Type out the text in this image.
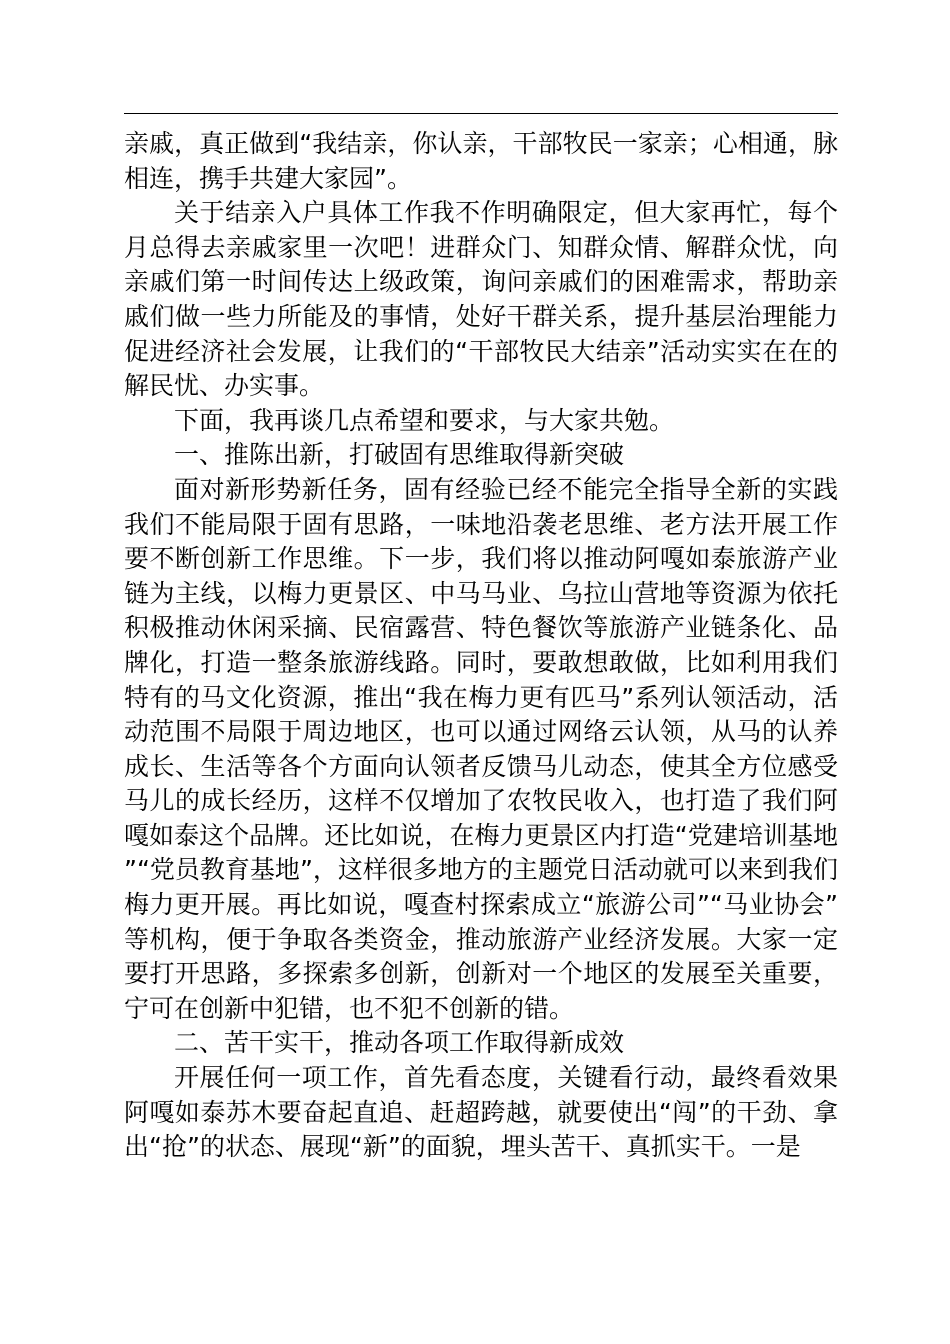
亲戚，真正做到“我结亲，你认亲，干部牧民一家亲；心相通，脉相连，携手共建大家园”。

关于结亲入户具体工作我不作明确限定，但大家再忙，每个月总得去亲戚家里一次吧！进群众门、知群众情、解群众忧，向亲戚们第一时间传达上级政策，询问亲戚们的困难需求，帮助亲戚们做一些力所能及的事情，处好干群关系，提升基层治理能力促进经济社会发展，让我们的“干部牧民大结亲”活动实实在在的解民忧、办实事。

下面，我再谈几点希望和要求，与大家共勉。

一、推陈出新，打破固有思维取得新突破

面对新形势新任务，固有经验已经不能完全指导全新的实践我们不能局限于固有思路，一味地沿袭老思维、老方法开展工作要不断创新工作思维。下一步，我们将以推动阿嘎如泰旅游产业链为主线，以梅力更景区、中马马业、乌拉山营地等资源为依托积极推动休闲采摘、民宿露营、特色餐饮等旅游产业链条化、品牌化，打造一整条旅游线路。同时，要敢想敢做，比如利用我们特有的马文化资源，推出“我在梅力更有匹马”系列认领活动，活动范围不局限于周边地区，也可以通过网络云认领，从马的认养成长、生活等各个方面向认领者反馈马儿动态，使其全方位感受马儿的成长经历，这样不仅增加了农牧民收入，也打造了我们阿嘎如泰这个品牌。还比如说，在梅力更景区内打造“党建培训基地”“党员教育基地”，这样很多地方的主题党日活动就可以来到我们梅力更开展。再比如说，嘎查村探索成立“旅游公司”“马业协会”等机构，便于争取各类资金，推动旅游产业经济发展。大家一定要打开思路，多探索多创新，创新对一个地区的发展至关重要，宁可在创新中犯错，也不犯不创新的错。

二、苦干实干，推动各项工作取得新成效

开展任何一项工作，首先看态度，关键看行动，最终看效果阿嘎如泰苏木要奋起直追、赶超跨越，就要使出“闯”的干劲、拿出“抢”的状态、展现“新”的面貌，埋头苦干、真抓实干。一是
